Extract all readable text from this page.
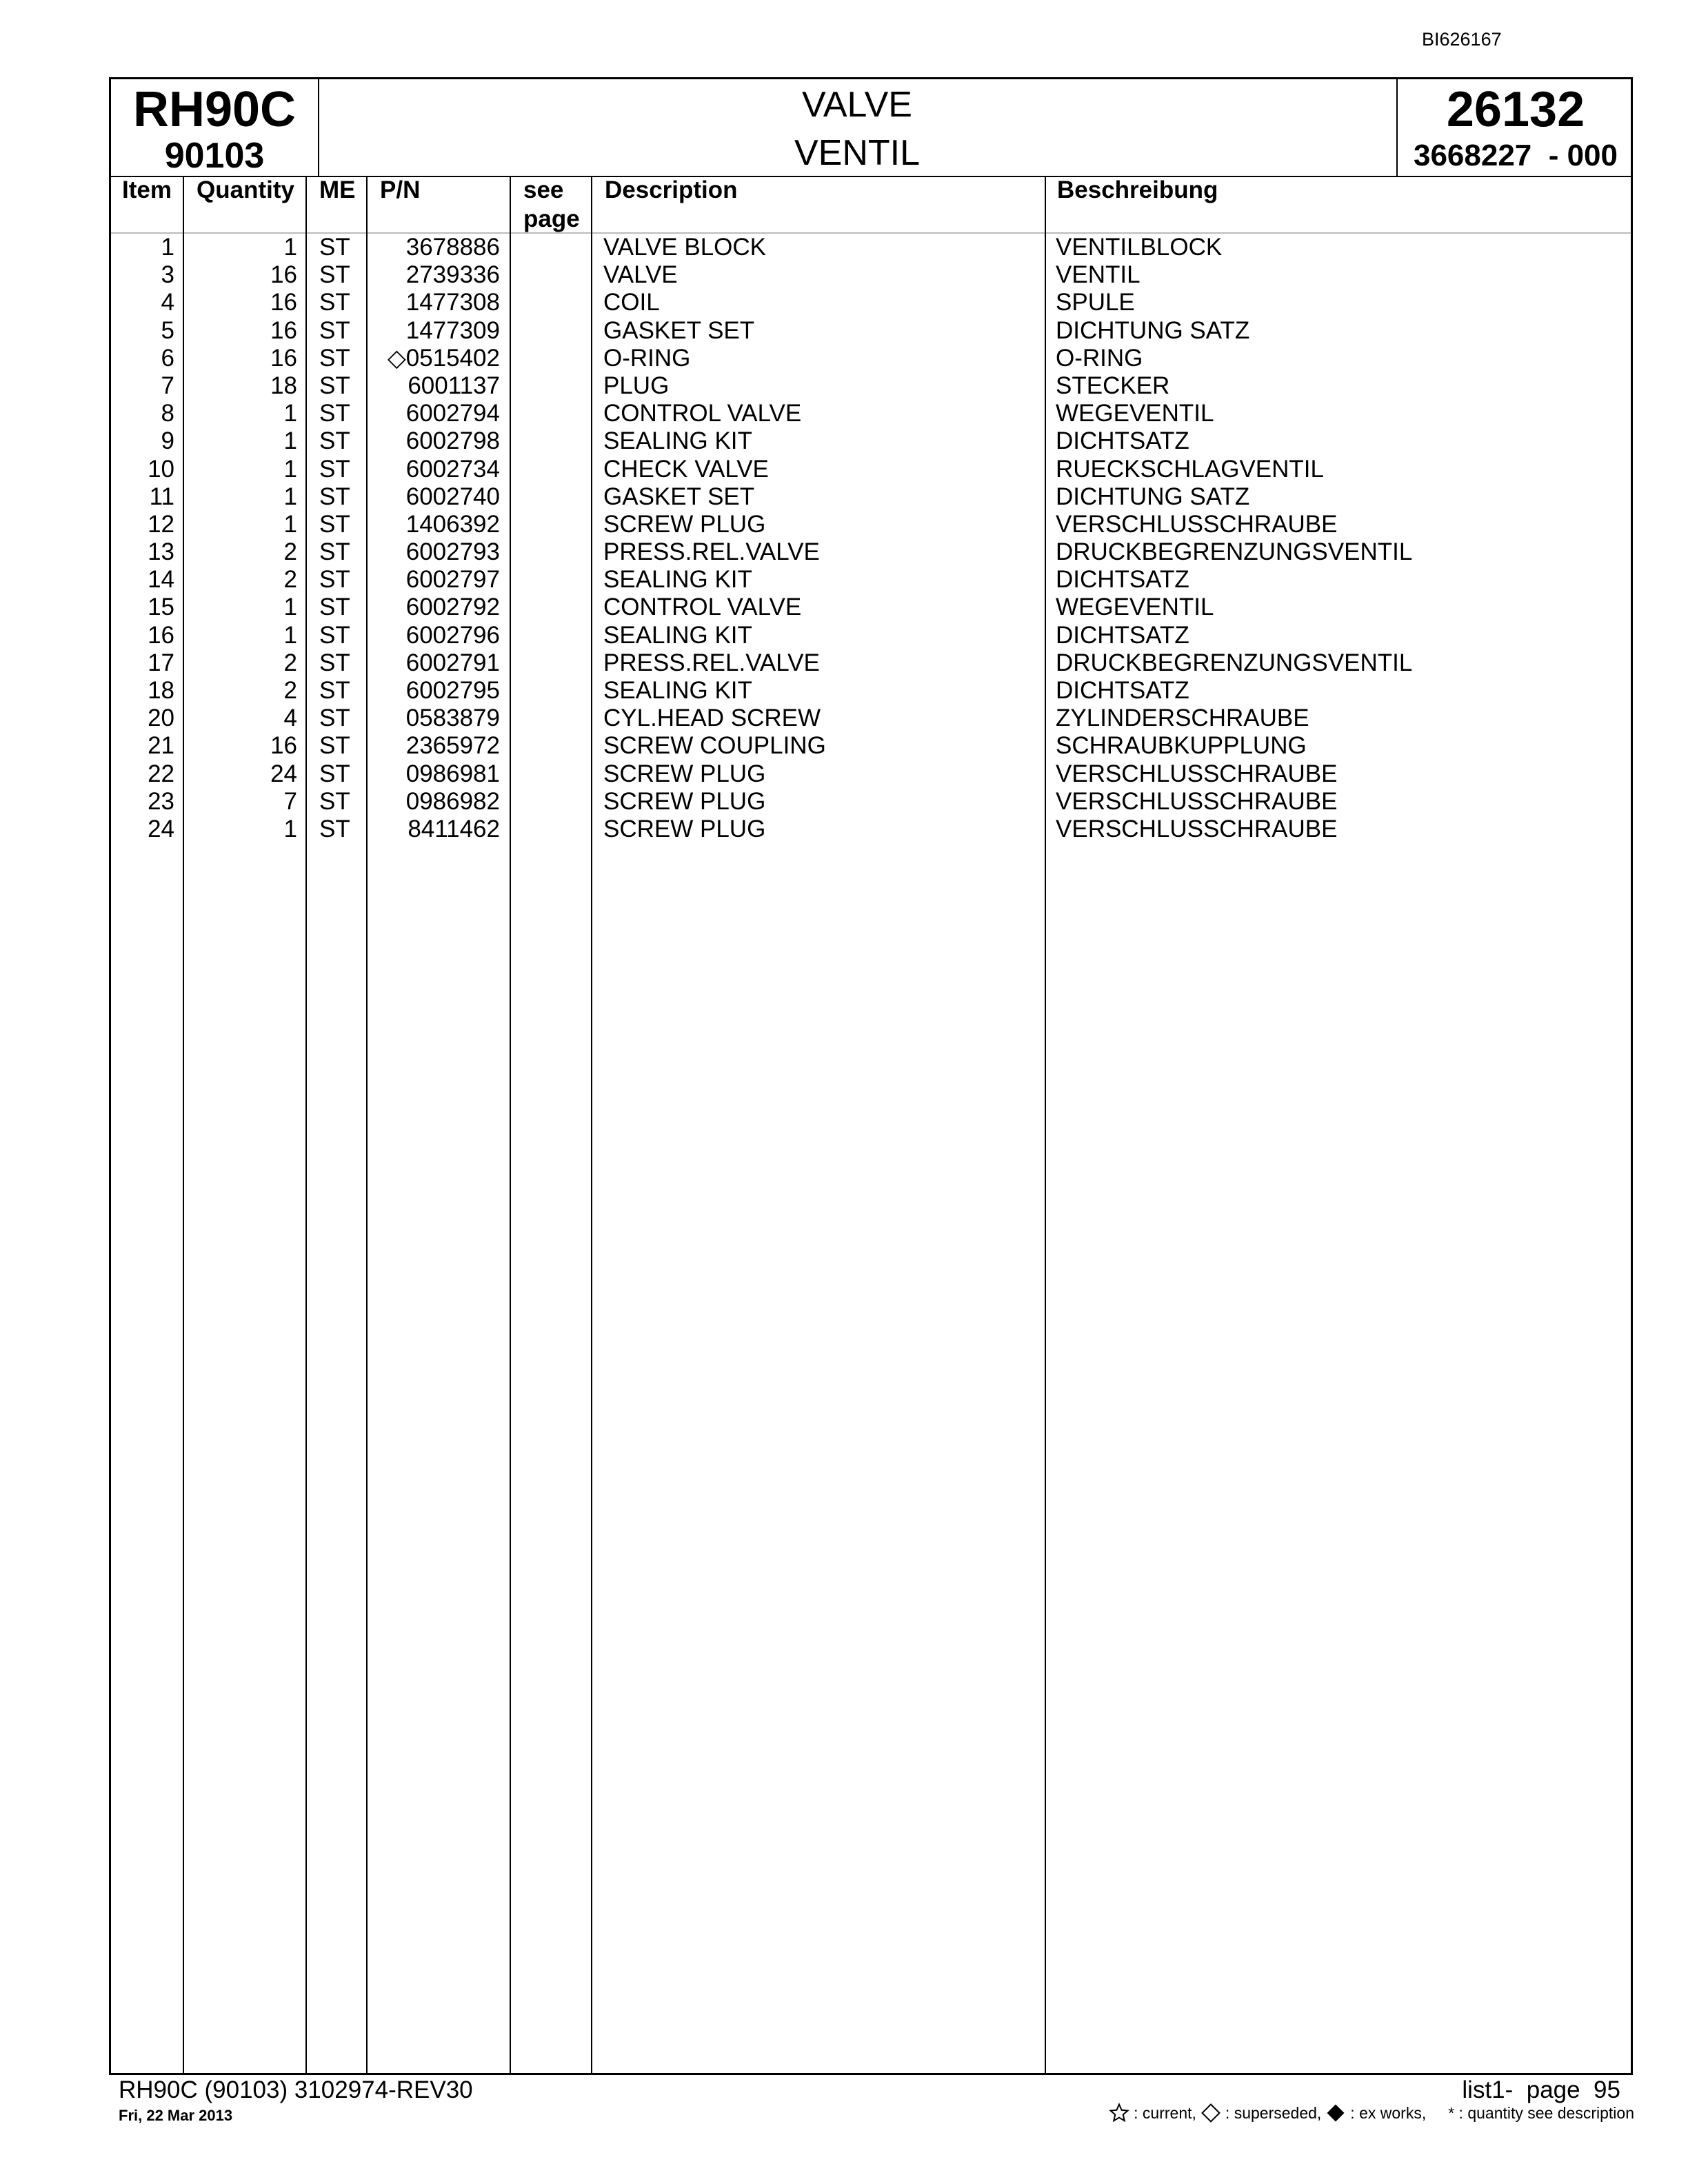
BI626167
RH90C
90103
VALVE
VENTIL
26132
3668227  - 000
Item Quantity ME P/N	see
page
Description	Beschreibung
1	1 ST 3678886	VALVE BLOCK	VENTILBLOCK
3	16 ST 2739336	VALVE	VENTIL
4	16 ST 1477308	COIL	SPULE
5	16 ST 1477309	GASKET SET	DICHTUNG SATZ
6	16 ST ◇0515402	O-RING	O-RING
7	18 ST 6001137	PLUG	STECKER
8	1 ST 6002794	CONTROL VALVE	WEGEVENTIL
9	1 ST 6002798	SEALING KIT	DICHTSATZ
10	1 ST 6002734	CHECK VALVE	RUECKSCHLAGVENTIL
11	1 ST 6002740	GASKET SET	DICHTUNG SATZ
12	1 ST 1406392	SCREW PLUG	VERSCHLUSSCHRAUBE
13	2 ST 6002793	PRESS.REL.VALVE	DRUCKBEGRENZUNGSVENTIL
14	2 ST 6002797	SEALING KIT	DICHTSATZ
15	1 ST 6002792	CONTROL VALVE	WEGEVENTIL
16	1 ST 6002796	SEALING KIT	DICHTSATZ
17	2 ST 6002791	PRESS.REL.VALVE	DRUCKBEGRENZUNGSVENTIL
18	2 ST 6002795	SEALING KIT	DICHTSATZ
20	4 ST 0583879	CYL.HEAD SCREW	ZYLINDERSCHRAUBE
21	16 ST 2365972	SCREW COUPLING	SCHRAUBKUPPLUNG
22	24 ST 0986981	SCREW PLUG	VERSCHLUSSCHRAUBE
23	7 ST 0986982	SCREW PLUG	VERSCHLUSSCHRAUBE
24	1 ST 8411462	SCREW PLUG	VERSCHLUSSCHRAUBE
RH90C (90103) 3102974-REV30
Fri, 22 Mar 2013
list1-  page  95
: current, : superseded, : ex works, * : quantity see description
